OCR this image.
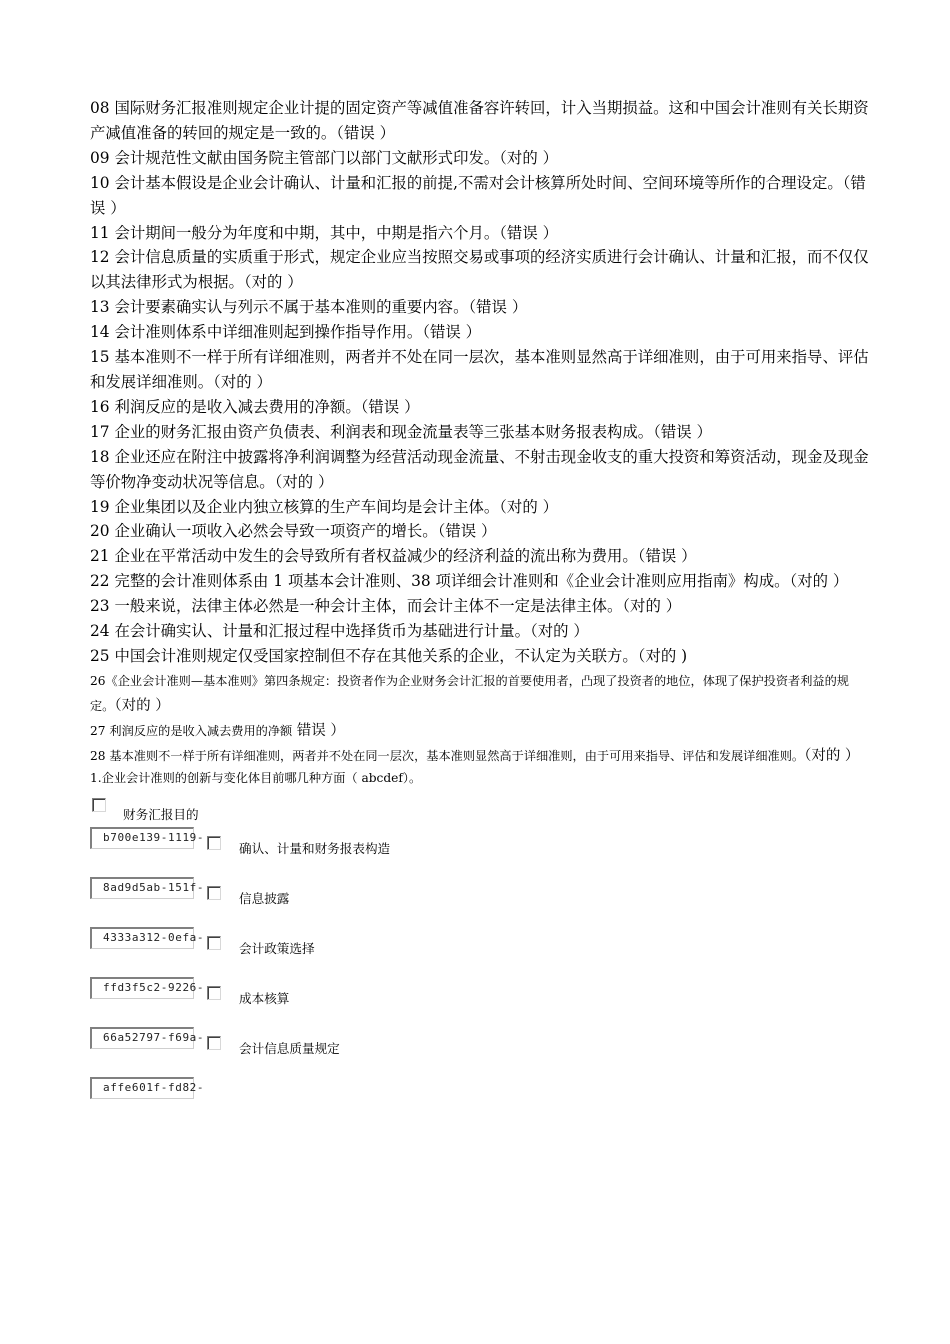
08 国际财务汇报准则规定企业计提的固定资产等减值准备容许转回，计入当期损益。这和中国会计准则有关长期资产减值准备的转回的规定是一致的。（错误 ）

09 会计规范性文献由国务院主管部门以部门文献形式印发。（对的 ）

10 会计基本假设是企业会计确认、计量和汇报的前提,不需对会计核算所处时间、空间环境等所作的合理设定。（错误 ）

11 会计期间一般分为年度和中期，其中，中期是指六个月。（错误 ）

12 会计信息质量的实质重于形式，规定企业应当按照交易或事项的经济实质进行会计确认、计量和汇报，而不仅仅以其法律形式为根据。（对的 ）

13 会计要素确实认与列示不属于基本准则的重要内容。（错误 ）

14 会计准则体系中详细准则起到操作指导作用。（错误 ）

15 基本准则不一样于所有详细准则，两者并不处在同一层次，基本准则显然高于详细准则，由于可用来指导、评估和发展详细准则。（对的 ）

16 利润反应的是收入减去费用的净额。（错误 ）

17 企业的财务汇报由资产负债表、利润表和现金流量表等三张基本财务报表构成。（错误 ）

18 企业还应在附注中披露将净利润调整为经营活动现金流量、不射击现金收支的重大投资和筹资活动，现金及现金等价物净变动状况等信息。（对的 ）

19 企业集团以及企业内独立核算的生产车间均是会计主体。（对的 ）

20 企业确认一项收入必然会导致一项资产的增长。（错误 ）

21 企业在平常活动中发生的会导致所有者权益减少的经济利益的流出称为费用。（错误 ）

22 完整的会计准则体系由 1 项基本会计准则、38 项详细会计准则和《企业会计准则应用指南》构成。（对的 ）

23 一般来说，法律主体必然是一种会计主体，而会计主体不一定是法律主体。（对的 ）

24 在会计确实认、计量和汇报过程中选择货币为基础进行计量。（对的 ）

25 中国会计准则规定仅受国家控制但不存在其他关系的企业，不认定为关联方。（对的 )

26《企业会计准则—基本准则》第四条规定：投资者作为企业财务会计汇报的首要使用者，凸现了投资者的地位，体现了保护投资者利益的规定。（对的 ）

27 利润反应的是收入减去费用的净额 错误 ）

28 基本准则不一样于所有详细准则，两者并不处在同一层次，基本准则显然高于详细准则，由于可用来指导、评估和发展详细准则。（对的 ）

1.企业会计准则的创新与变化体目前哪几种方面（ abcdef）。

财务汇报目的
b700e139-1119-
确认、计量和财务报表构造
8ad9d5ab-151f-
信息披露
4333a312-0efa-
会计政策选择
ffd3f5c2-9226-
成本核算
66a52797-f69a-
会计信息质量规定
affe601f-fd82-
